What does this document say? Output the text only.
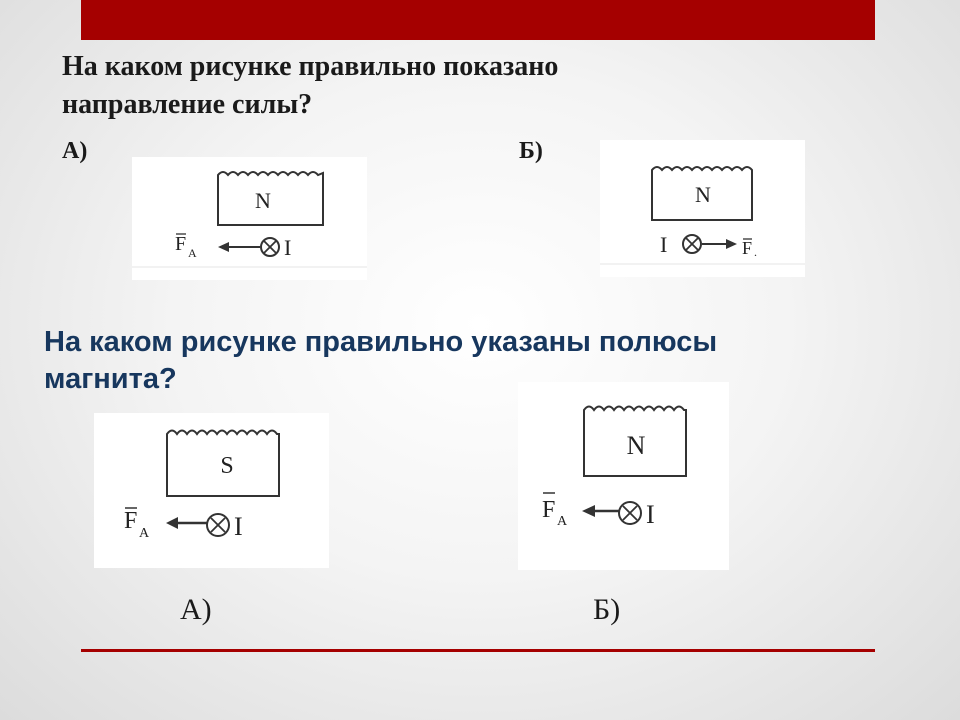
На каком рисунке правильно показано
направление силы?
А)	Б)
N
I
F A
N
I	F .
На каком рисунке правильно указаны полюсы
магнита?
S
I
F A
N
I
F A
А)	Б)
